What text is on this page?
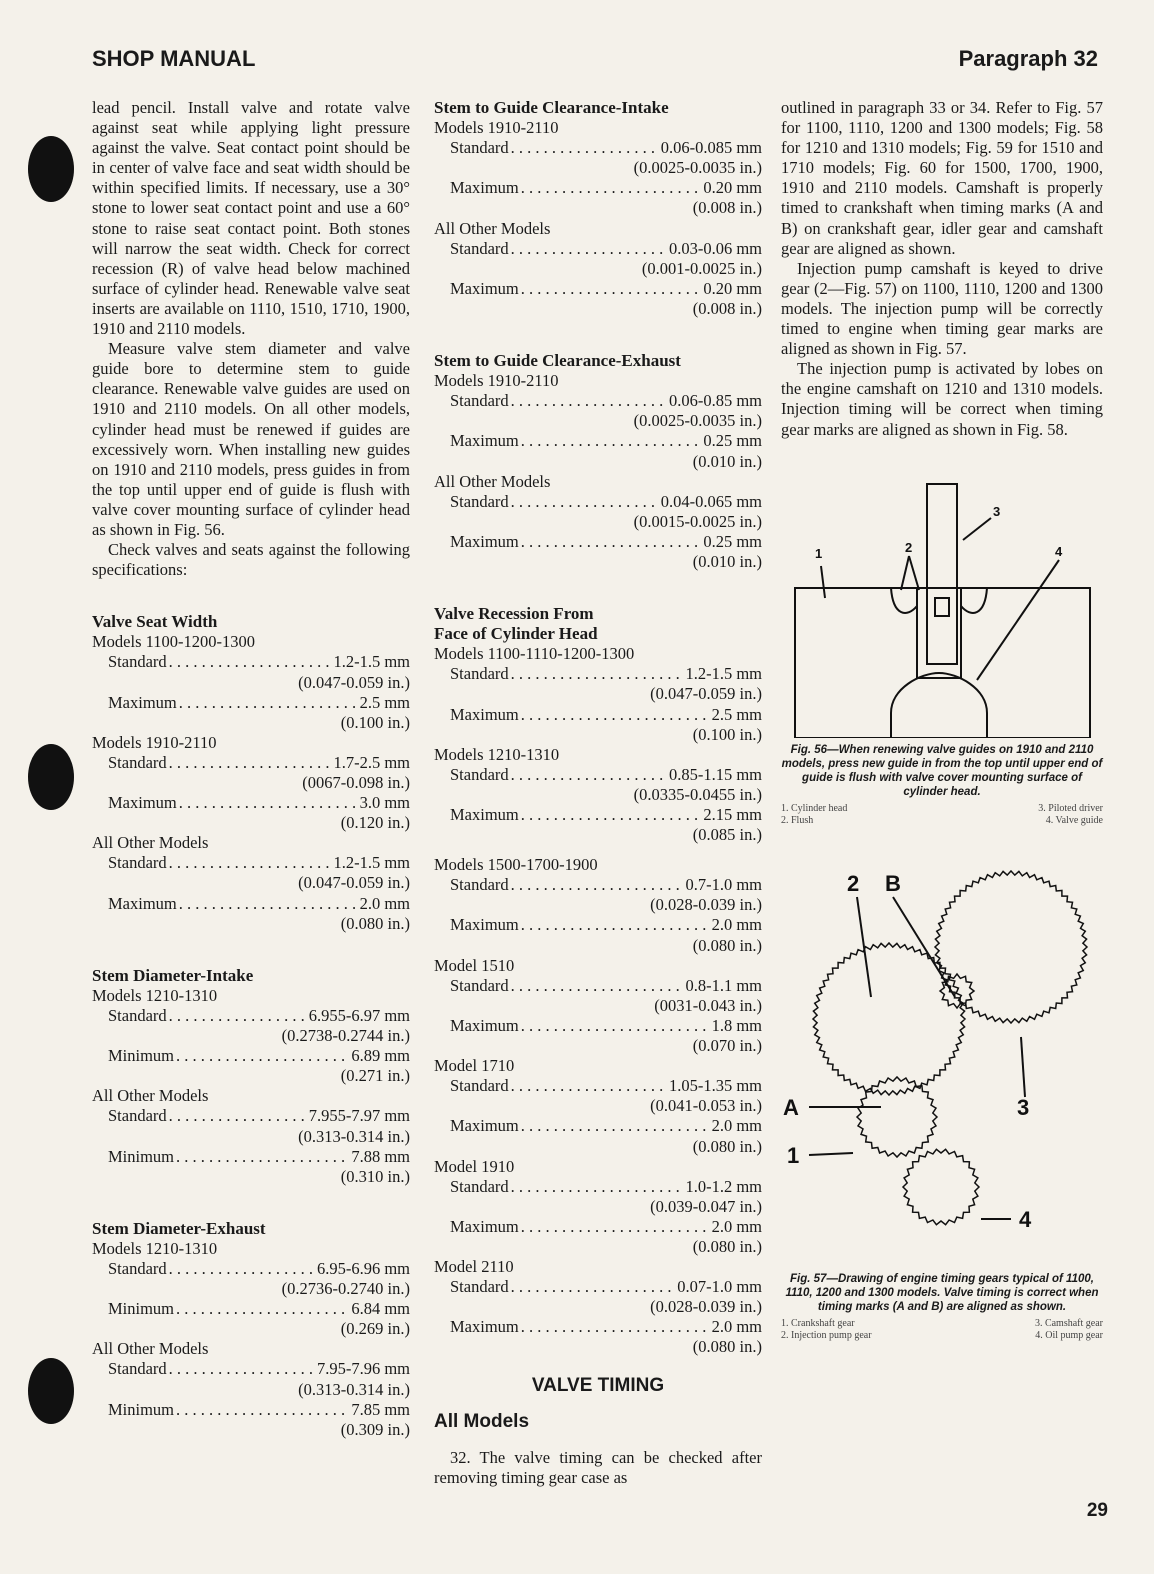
SHOP MANUAL	Paragraph 32

lead pencil. Install valve and rotate valve against seat while applying light pressure against the valve. Seat contact point should be in center of valve face and seat width should be within specified limits. If necessary, use a 30° stone to lower seat contact point and use a 60° stone to raise seat contact point. Both stones will narrow the seat width. Check for correct recession (R) of valve head below machined surface of cylinder head. Renewable valve seat inserts are available on 1110, 1510, 1710, 1900, 1910 and 2110 models.

Measure valve stem diameter and valve guide bore to determine stem to guide clearance. Renewable valve guides are used on 1910 and 2110 models. On all other models, cylinder head must be renewed if guides are excessively worn. When installing new guides on 1910 and 2110 models, press guides in from the top until upper end of guide is flush with valve cover mounting surface of cylinder head as shown in Fig. 56.

Check valves and seats against the following specifications:

Valve Seat Width
Models 1100-1200-1300
Standard . . .	1.2-1.5 mm
(0.047-0.059 in.)
Maximum . . .	2.5 mm
(0.100 in.)
Models 1910-2110
Standard . . .	1.7-2.5 mm
(0067-0.098 in.)
Maximum . . .	3.0 mm
(0.120 in.)
All Other Models
Standard . . .	1.2-1.5 mm
(0.047-0.059 in.)
Maximum . . .	2.0 mm
(0.080 in.)
Stem Diameter-Intake
Models 1210-1310
Standard . . .	6.955-6.97 mm
(0.2738-0.2744 in.)
Minimum . . .	6.89 mm
(0.271 in.)
All Other Models
Standard . . .	7.955-7.97 mm
(0.313-0.314 in.)
Minimum . . .	7.88 mm
(0.310 in.)
Stem Diameter-Exhaust
Models 1210-1310
Standard . . .	6.95-6.96 mm
(0.2736-0.2740 in.)
Minimum . . .	6.84 mm
(0.269 in.)
All Other Models
Standard . . .	7.95-7.96 mm
(0.313-0.314 in.)
Minimum . . .	7.85 mm
(0.309 in.)
Stem to Guide Clearance-Intake
Models 1910-2110
Standard . . .	0.06-0.085 mm
(0.0025-0.0035 in.)
Maximum . . .	0.20 mm
(0.008 in.)
All Other Models
Standard . . .	0.03-0.06 mm
(0.001-0.0025 in.)
Maximum . . .	0.20 mm
(0.008 in.)
Stem to Guide Clearance-Exhaust
Models 1910-2110
Standard . . .	0.06-0.85 mm
(0.0025-0.0035 in.)
Maximum . . .	0.25 mm
(0.010 in.)
All Other Models
Standard . . .	0.04-0.065 mm
(0.0015-0.0025 in.)
Maximum . . .	0.25 mm
(0.010 in.)
Valve Recession From
Face of Cylinder Head
Models 1100-1110-1200-1300
Standard . . .	1.2-1.5 mm
(0.047-0.059 in.)
Maximum . . .	2.5 mm
(0.100 in.)
Models 1210-1310
Standard . . .	0.85-1.15 mm
(0.0335-0.0455 in.)
Maximum . . .	2.15 mm
(0.085 in.)
Models 1500-1700-1900
Standard . . .	0.7-1.0 mm
(0.028-0.039 in.)
Maximum . . .	2.0 mm
(0.080 in.)
Model 1510
Standard . . .	0.8-1.1 mm
(0031-0.043 in.)
Maximum . . .	1.8 mm
(0.070 in.)
Model 1710
Standard . . .	1.05-1.35 mm
(0.041-0.053 in.)
Maximum . . .	2.0 mm
(0.080 in.)
Model 1910
Standard . . .	1.0-1.2 mm
(0.039-0.047 in.)
Maximum . . .	2.0 mm
(0.080 in.)
Model 2110
Standard . . .	0.07-1.0 mm
(0.028-0.039 in.)
Maximum . . .	2.0 mm
(0.080 in.)
VALVE TIMING
All Models

32. The valve timing can be checked after removing timing gear case as

outlined in paragraph 33 or 34. Refer to Fig. 57 for 1100, 1110, 1200 and 1300 models; Fig. 58 for 1210 and 1310 models; Fig. 59 for 1510 and 1710 models; Fig. 60 for 1500, 1700, 1900, 1910 and 2110 models. Camshaft is properly timed to crankshaft when timing marks (A and B) on crankshaft gear, idler gear and camshaft gear are aligned as shown.

Injection pump camshaft is keyed to drive gear (2—Fig. 57) on 1100, 1110, 1200 and 1300 models. The injection pump will be correctly timed to engine when timing gear marks are aligned as shown in Fig. 57.

The injection pump is activated by lobes on the engine camshaft on 1210 and 1310 models. Injection timing will be correct when timing gear marks are aligned as shown in Fig. 58.

1	2
3
4
Fig. 56—When renewing valve guides on 1910 and 2110 models, press new guide in from the top until upper end of guide is flush with valve cover mounting surface of cylinder head.
1. Cylinder head	3. Piloted driver
2. Flush	4. Valve guide
2 B
A	3
1
4
Fig. 57—Drawing of engine timing gears typical of 1100, 1110, 1200 and 1300 models. Valve timing is correct when timing marks (A and B) are aligned as shown.
1. Crankshaft gear	3. Camshaft gear
2. Injection pump gear	4. Oil pump gear
29
